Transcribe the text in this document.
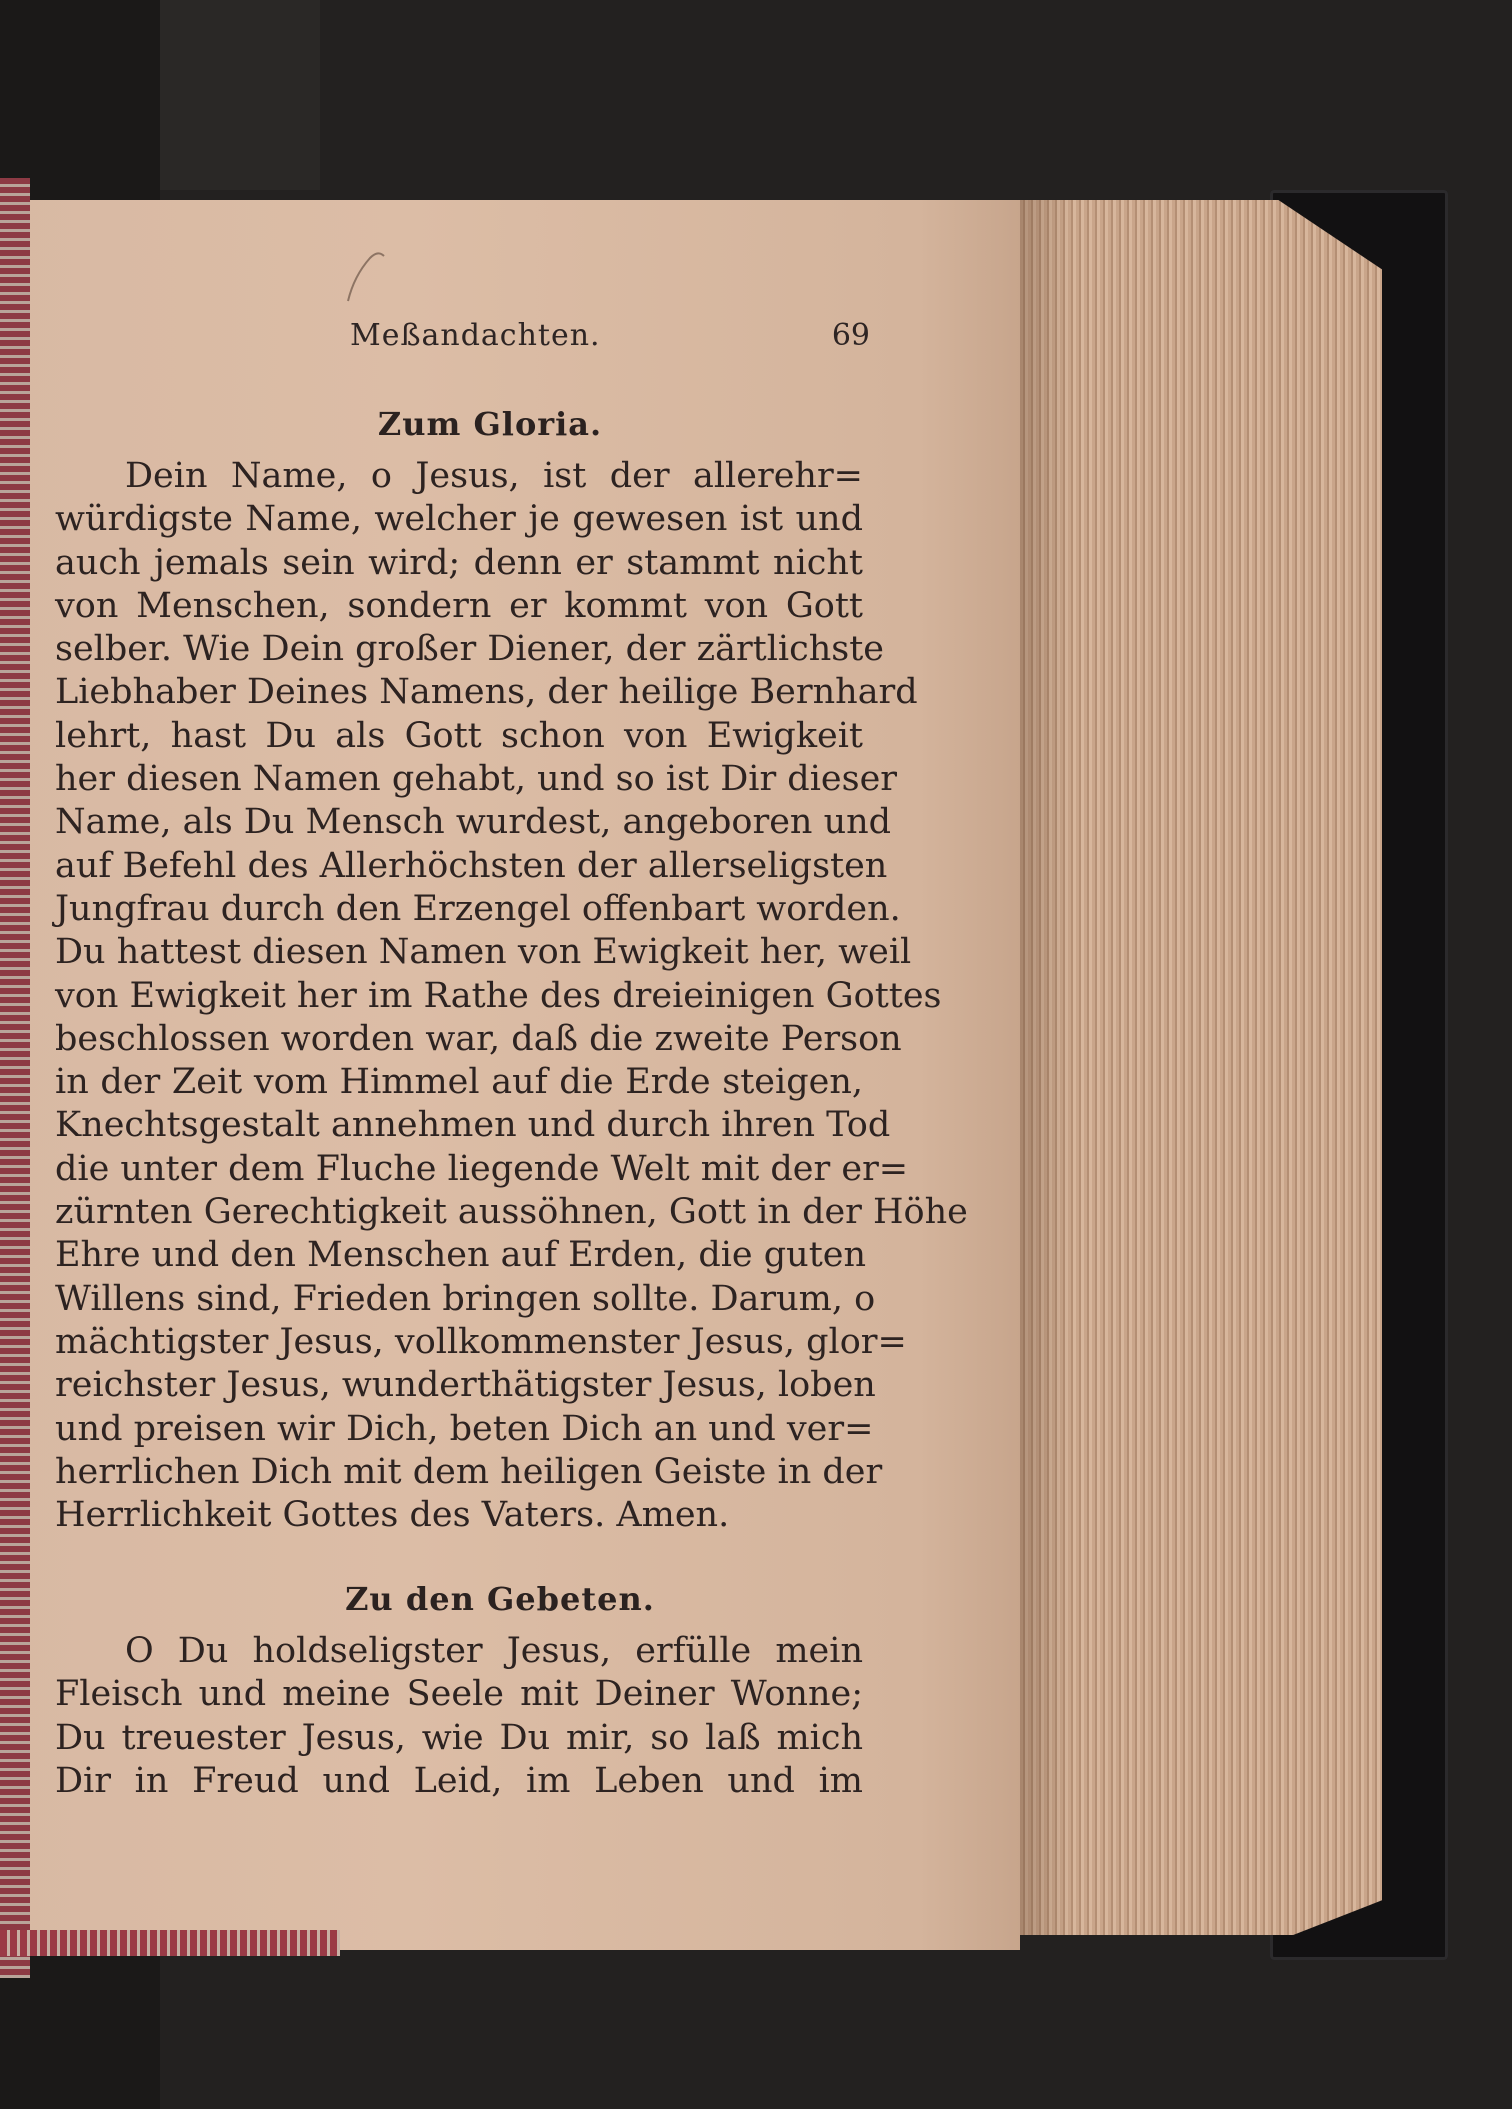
Meßandachten.	69
Zum Gloria.
Dein Name, o Jesus, ist der allerehr=
würdigste Name, welcher je gewesen ist und
auch jemals sein wird; denn er stammt nicht
von Menschen, sondern er kommt von Gott
selber. Wie Dein großer Diener, der zärtlichste
Liebhaber Deines Namens, der heilige Bernhard
lehrt, hast Du als Gott schon von Ewigkeit
her diesen Namen gehabt, und so ist Dir dieser
Name, als Du Mensch wurdest, angeboren und
auf Befehl des Allerhöchsten der allerseligsten
Jungfrau durch den Erzengel offenbart worden.
Du hattest diesen Namen von Ewigkeit her, weil
von Ewigkeit her im Rathe des dreieinigen Gottes
beschlossen worden war, daß die zweite Person
in der Zeit vom Himmel auf die Erde steigen,
Knechtsgestalt annehmen und durch ihren Tod
die unter dem Fluche liegende Welt mit der er=
zürnten Gerechtigkeit aussöhnen, Gott in der Höhe
Ehre und den Menschen auf Erden, die guten
Willens sind, Frieden bringen sollte. Darum, o
mächtigster Jesus, vollkommenster Jesus, glor=
reichster Jesus, wunderthätigster Jesus, loben
und preisen wir Dich, beten Dich an und ver=
herrlichen Dich mit dem heiligen Geiste in der
Herrlichkeit Gottes des Vaters. Amen.
Zu den Gebeten.
O Du holdseligster Jesus, erfülle mein
Fleisch und meine Seele mit Deiner Wonne;
Du treuester Jesus, wie Du mir, so laß mich
Dir in Freud und Leid, im Leben und im
